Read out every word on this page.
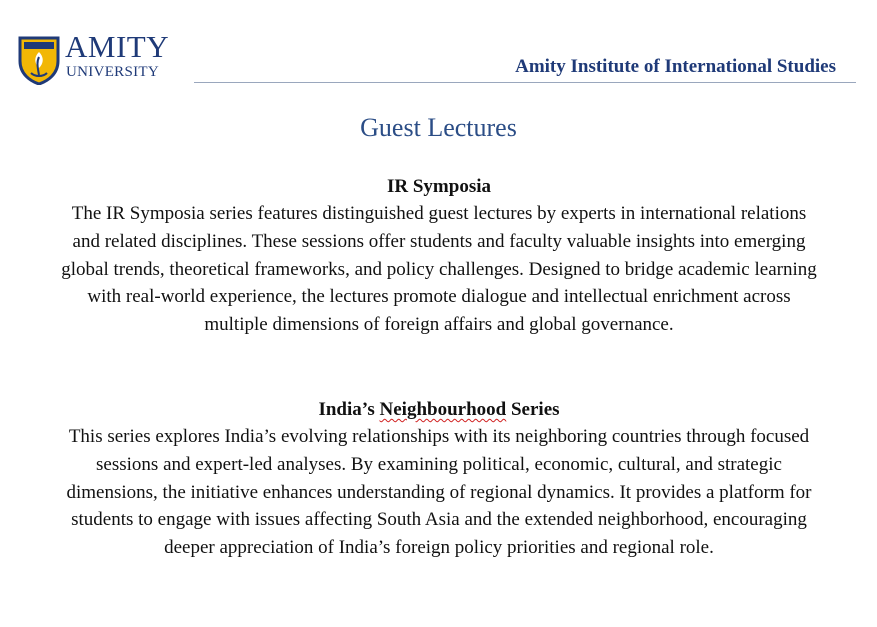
AMITY
UNIVERSITY	Amity Institute of International Studies
Guest Lectures
IR Symposia

The IR Symposia series features distinguished guest lectures by experts in international relations and related disciplines. These sessions offer students and faculty valuable insights into emerging global trends, theoretical frameworks, and policy challenges. Designed to bridge academic learning with real-world experience, the lectures promote dialogue and intellectual enrichment across multiple dimensions of foreign affairs and global governance.

India’s Neighbourhood Series

This series explores India’s evolving relationships with its neighboring countries through focused sessions and expert-led analyses. By examining political, economic, cultural, and strategic dimensions, the initiative enhances understanding of regional dynamics. It provides a platform for students to engage with issues affecting South Asia and the extended neighborhood, encouraging deeper appreciation of India’s foreign policy priorities and regional role.
